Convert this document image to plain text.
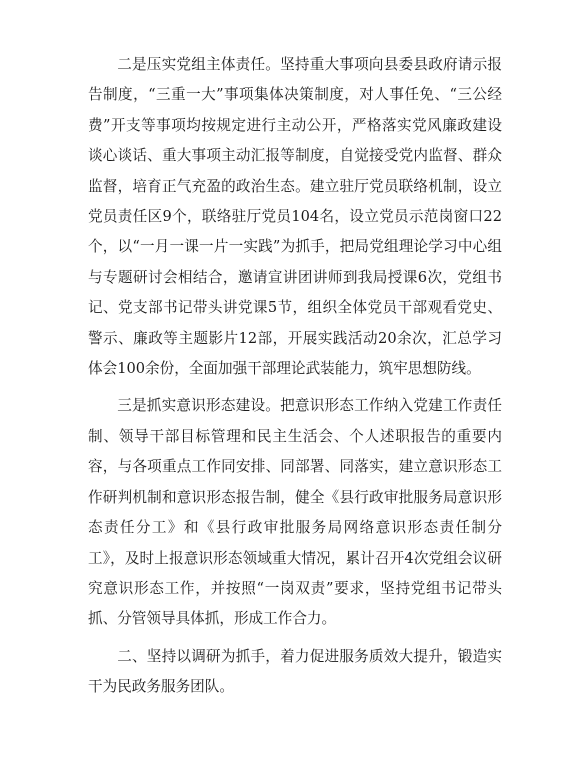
二是压实党组主体责任。坚持重大事项向县委县政府请示报告制度，“三重一大”事项集体决策制度，对人事任免、“三公经费”开支等事项均按规定进行主动公开，严格落实党风廉政建设谈心谈话、重大事项主动汇报等制度，自觉接受党内监督、群众监督，培育正气充盈的政治生态。建立驻厅党员联络机制，设立党员责任区9个，联络驻厅党员104名，设立党员示范岗窗口22个，以“一月一课一片一实践”为抓手，把局党组理论学习中心组与专题研讨会相结合，邀请宣讲团讲师到我局授课6次，党组书记、党支部书记带头讲党课5节，组织全体党员干部观看党史、警示、廉政等主题影片12部，开展实践活动20余次，汇总学习体会100余份，全面加强干部理论武装能力，筑牢思想防线。

三是抓实意识形态建设。把意识形态工作纳入党建工作责任制、领导干部目标管理和民主生活会、个人述职报告的重要内容，与各项重点工作同安排、同部署、同落实，建立意识形态工作研判机制和意识形态报告制，健全《县行政审批服务局意识形态责任分工》和《县行政审批服务局网络意识形态责任制分工》，及时上报意识形态领域重大情况，累计召开4次党组会议研究意识形态工作，并按照“一岗双责”要求，坚持党组书记带头抓、分管领导具体抓，形成工作合力。

二、坚持以调研为抓手，着力促进服务质效大提升，锻造实干为民政务服务团队。
